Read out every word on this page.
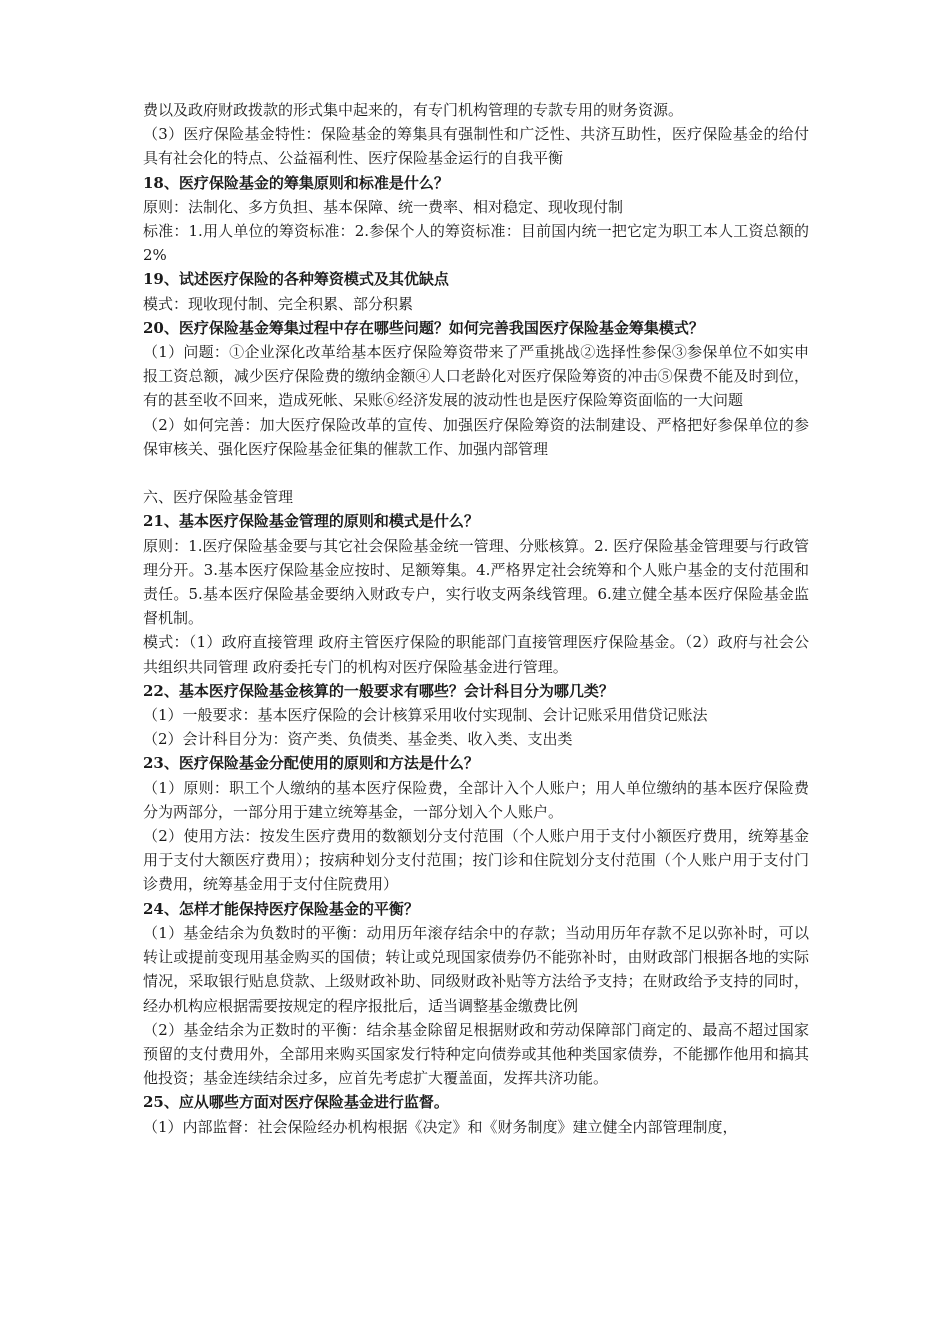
费以及政府财政拨款的形式集中起来的，有专门机构管理的专款专用的财务资源。
（3）医疗保险基金特性：保险基金的筹集具有强制性和广泛性、共济互助性，医疗保险基金的给付具有社会化的特点、公益福利性、医疗保险基金运行的自我平衡
18、医疗保险基金的筹集原则和标准是什么？
原则：法制化、多方负担、基本保障、统一费率、相对稳定、现收现付制
标准：1.用人单位的筹资标准：2.参保个人的筹资标准：目前国内统一把它定为职工本人工资总额的 2%
19、试述医疗保险的各种筹资模式及其优缺点
模式：现收现付制、完全积累、部分积累
20、医疗保险基金筹集过程中存在哪些问题？如何完善我国医疗保险基金筹集模式？
（1）问题：①企业深化改革给基本医疗保险筹资带来了严重挑战②选择性参保③参保单位不如实申报工资总额，减少医疗保险费的缴纳金额④人口老龄化对医疗保险筹资的冲击⑤保费不能及时到位，有的甚至收不回来，造成死帐、呆账⑥经济发展的波动性也是医疗保险筹资面临的一大问题
（2）如何完善：加大医疗保险改革的宣传、加强医疗保险筹资的法制建设、严格把好参保单位的参保审核关、强化医疗保险基金征集的催款工作、加强内部管理
六、医疗保险基金管理
21、基本医疗保险基金管理的原则和模式是什么？
原则：1.医疗保险基金要与其它社会保险基金统一管理、分账核算。2. 医疗保险基金管理要与行政管理分开。3.基本医疗保险基金应按时、足额筹集。4.严格界定社会统筹和个人账户基金的支付范围和责任。5.基本医疗保险基金要纳入财政专户，实行收支两条线管理。6.建立健全基本医疗保险基金监督机制。
模式：（1）政府直接管理 政府主管医疗保险的职能部门直接管理医疗保险基金。（2）政府与社会公共组织共同管理 政府委托专门的机构对医疗保险基金进行管理。
22、基本医疗保险基金核算的一般要求有哪些？会计科目分为哪几类？
（1）一般要求：基本医疗保险的会计核算采用收付实现制、会计记账采用借贷记账法
（2）会计科目分为：资产类、负债类、基金类、收入类、支出类
23、医疗保险基金分配使用的原则和方法是什么？
（1）原则：职工个人缴纳的基本医疗保险费，全部计入个人账户；用人单位缴纳的基本医疗保险费分为两部分，一部分用于建立统筹基金，一部分划入个人账户。
（2）使用方法：按发生医疗费用的数额划分支付范围（个人账户用于支付小额医疗费用，统筹基金用于支付大额医疗费用）；按病种划分支付范围；按门诊和住院划分支付范围（个人账户用于支付门诊费用，统筹基金用于支付住院费用）
24、怎样才能保持医疗保险基金的平衡？
（1）基金结余为负数时的平衡：动用历年滚存结余中的存款；当动用历年存款不足以弥补时，可以转让或提前变现用基金购买的国债；转让或兑现国家债券仍不能弥补时，由财政部门根据各地的实际情况，采取银行贴息贷款、上级财政补助、同级财政补贴等方法给予支持；在财政给予支持的同时，经办机构应根据需要按规定的程序报批后，适当调整基金缴费比例
（2）基金结余为正数时的平衡：结余基金除留足根据财政和劳动保障部门商定的、最高不超过国家预留的支付费用外，全部用来购买国家发行特种定向债券或其他种类国家债券，不能挪作他用和搞其他投资；基金连续结余过多，应首先考虑扩大覆盖面，发挥共济功能。
25、应从哪些方面对医疗保险基金进行监督。
（1）内部监督：社会保险经办机构根据《决定》和《财务制度》建立健全内部管理制度，
